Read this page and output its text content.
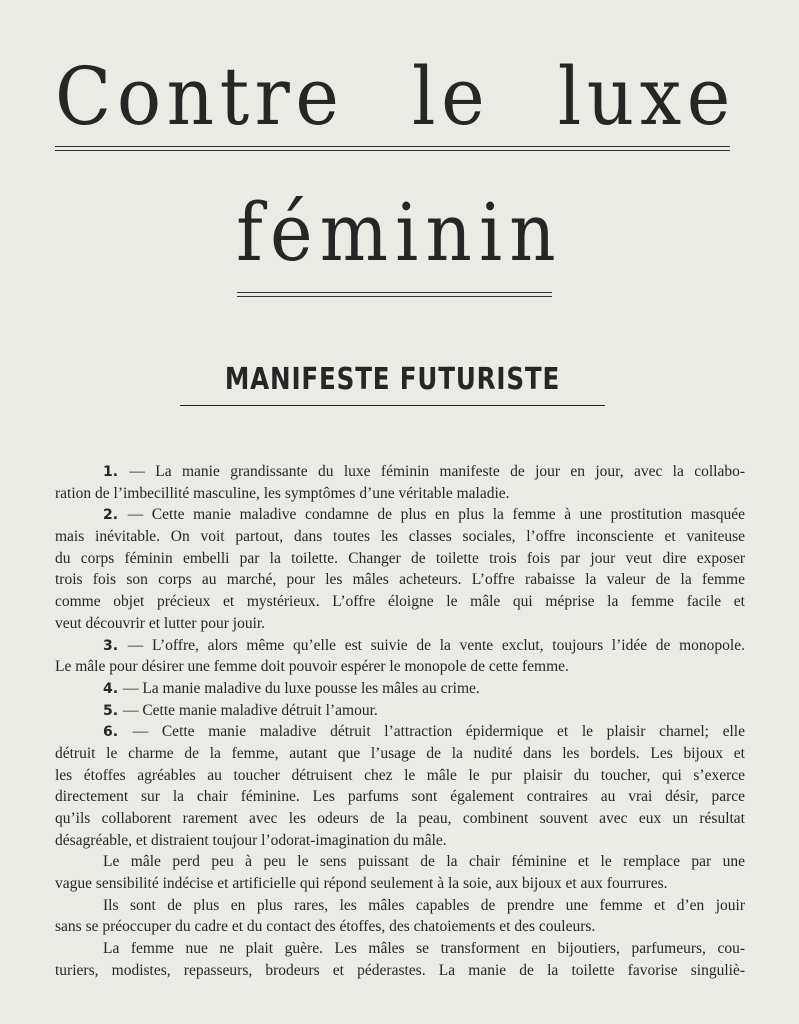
Contre le luxe
féminin
MANIFESTE FUTURISTE
1. — La manie grandissante du luxe féminin manifeste de jour en jour, avec la collabo-
ration de l’imbecillité masculine, les symptômes d’une véritable maladie.
2. — Cette manie maladive condamne de plus en plus la femme à une prostitution masquée
mais inévitable. On voit partout, dans toutes les classes sociales, l’offre inconsciente et vaniteuse
du corps féminin embelli par la toilette. Changer de toilette trois fois par jour veut dire exposer
trois fois son corps au marché, pour les mâles acheteurs. L’offre rabaisse la valeur de la femme
comme objet précieux et mystérieux. L’offre éloigne le mâle qui méprise la femme facile et
veut découvrir et lutter pour jouir.
3. — L’offre, alors même qu’elle est suivie de la vente exclut, toujours l’idée de monopole.
Le mâle pour désirer une femme doit pouvoir espérer le monopole de cette femme.
4. — La manie maladive du luxe pousse les mâles au crime.
5. — Cette manie maladive détruit l’amour.
6. — Cette manie maladive détruit l’attraction épidermique et le plaisir charnel; elle
détruit le charme de la femme, autant que l’usage de la nudité dans les bordels. Les bijoux et
les étoffes agréables au toucher détruisent chez le mâle le pur plaisir du toucher, qui s’exerce
directement sur la chair féminine. Les parfums sont également contraires au vrai désir, parce
qu’ils collaborent rarement avec les odeurs de la peau, combinent souvent avec eux un résultat
désagréable, et distraient toujour l’odorat-imagination du mâle.
Le mâle perd peu à peu le sens puissant de la chair féminine et le remplace par une
vague sensibilité indécise et artificielle qui répond seulement à la soie, aux bijoux et aux fourrures.
Ils sont de plus en plus rares, les mâles capables de prendre une femme et d’en jouir
sans se préoccuper du cadre et du contact des étoffes, des chatoiements et des couleurs.
La femme nue ne plait guère. Les mâles se transforment en bijoutiers, parfumeurs, cou-
turiers, modistes, repasseurs, brodeurs et péderastes. La manie de la toilette favorise singuliè-
